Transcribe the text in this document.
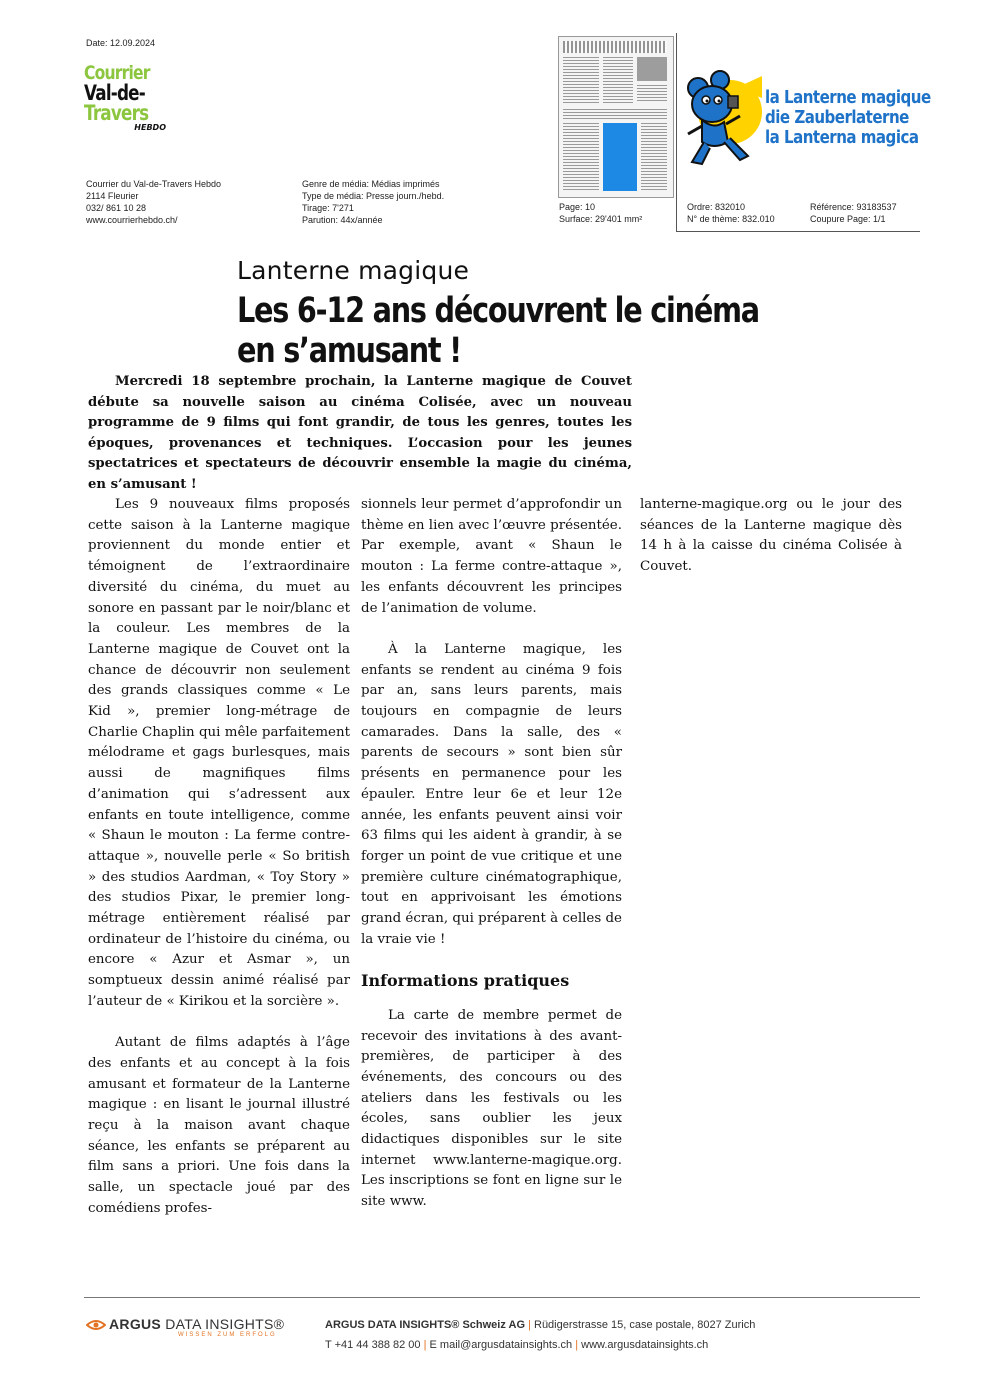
Date: 12.09.2024
Courrier
Val-de-
Travers
HEBDO
Courrier du Val-de-Travers Hebdo
2114 Fleurier
032/ 861 10 28
www.courrierhebdo.ch/
Genre de média: Médias imprimés
Type de média: Presse journ./hebd.
Tirage: 7'271
Parution: 44x/année
Page: 10
Surface: 29'401 mm²
la Lanterne magique
die Zauberlaterne
la Lanterna magica
Ordre: 832010
N° de thème: 832.010
Référence: 93183537
Coupure Page: 1/1
Lanterne magique
Les 6-12 ans découvrent le cinéma
en s’amusant !
Mercredi 18 septembre prochain, la Lanterne magique de Couvet débute sa nouvelle saison au cinéma Colisée, avec un nouveau programme de 9 films qui font grandir, de tous les genres, toutes les époques, provenances et techniques. L’occasion pour les jeunes spectatrices et spectateurs de découvrir ensemble la magie du cinéma, en s’amusant !

Les 9 nouveaux films proposés cette saison à la Lanterne magique proviennent du monde entier et témoignent de l’extraordinaire diversité du cinéma, du muet au sonore en passant par le noir/blanc et la couleur. Les membres de la Lanterne magique de Couvet ont la chance de découvrir non seulement des grands classiques comme « Le Kid », premier long-métrage de Charlie Chaplin qui mêle parfaitement mélodrame et gags burlesques, mais aussi de magnifiques films d’animation qui s’adressent aux enfants en toute intelligence, comme « Shaun le mouton : La ferme contre-attaque », nouvelle perle « So british » des studios Aardman, « Toy Story » des studios Pixar, le premier long-métrage entièrement réalisé par ordinateur de l’histoire du cinéma, ou encore « Azur et Asmar », un somptueux dessin animé réalisé par l’auteur de « Kirikou et la sorcière ».

Autant de films adaptés à l’âge des enfants et au concept à la fois amusant et formateur de la Lanterne magique : en lisant le journal illustré reçu à la maison avant chaque séance, les enfants se préparent au film sans a priori. Une fois dans la salle, un spectacle joué par des comédiens profes-

sionnels leur permet d’approfondir un thème en lien avec l’œuvre présentée. Par exemple, avant « Shaun le mouton : La ferme contre-attaque », les enfants découvrent les principes de l’animation de volume.

À la Lanterne magique, les enfants se rendent au cinéma 9 fois par an, sans leurs parents, mais toujours en compagnie de leurs camarades. Dans la salle, des « parents de secours » sont bien sûr présents en permanence pour les épauler. Entre leur 6e et leur 12e année, les enfants peuvent ainsi voir 63 films qui les aident à grandir, à se forger un point de vue critique et une première culture cinématographique, tout en apprivoisant les émotions grand écran, qui préparent à celles de la vraie vie !

Informations pratiques

La carte de membre permet de recevoir des invitations à des avant-premières, de participer à des événements, des concours ou des ateliers dans les festivals ou les écoles, sans oublier les jeux didactiques disponibles sur le site internet www.lanterne-magique.org. Les inscriptions se font en ligne sur le site www.

lanterne-magique.org ou le jour des séances de la Lanterne magique dès 14 h à la caisse du cinéma Colisée à Couvet.

ARGUS DATA INSIGHTS®
WISSEN ZUM ERFOLG
ARGUS DATA INSIGHTS® Schweiz AG | Rüdigerstrasse 15, case postale, 8027 Zurich
T +41 44 388 82 00 | E mail@argusdatainsights.ch | www.argusdatainsights.ch
